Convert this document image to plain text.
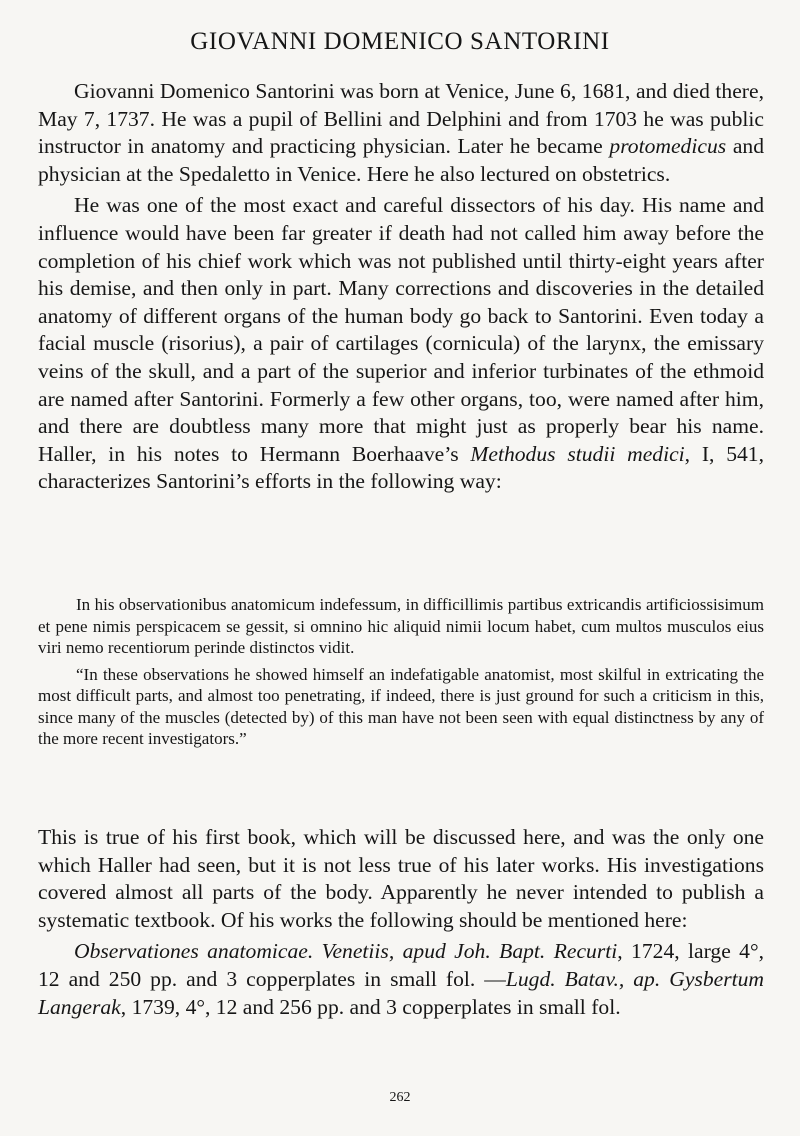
GIOVANNI DOMENICO SANTORINI

Giovanni Domenico Santorini was born at Venice, June 6, 1681, and died there, May 7, 1737. He was a pupil of Bellini and Delphini and from 1703 he was public instructor in anatomy and practicing physician. Later he became protomedicus and physician at the Spedaletto in Venice. Here he also lectured on obstetrics.

He was one of the most exact and careful dissectors of his day. His name and influence would have been far greater if death had not called him away before the completion of his chief work which was not published until thirty-eight years after his demise, and then only in part. Many corrections and discoveries in the detailed anatomy of different organs of the human body go back to Santorini. Even today a facial muscle (risorius), a pair of cartilages (cornicula) of the larynx, the emissary veins of the skull, and a part of the superior and inferior turbinates of the ethmoid are named after Santorini. Formerly a few other organs, too, were named after him, and there are doubtless many more that might just as properly bear his name. Haller, in his notes to Hermann Boerhaave’s Methodus studii medici, I, 541, characterizes Santorini’s efforts in the following way:

In his observationibus anatomicum indefessum, in difficillimis partibus extricandis artificiossisimum et pene nimis perspicacem se gessit, si omnino hic aliquid nimii locum habet, cum multos musculos eius viri nemo recentiorum perinde distinctos vidit.

“In these observations he showed himself an indefatigable anatomist, most skilful in extricating the most difficult parts, and almost too penetrating, if indeed, there is just ground for such a criticism in this, since many of the muscles (detected by) of this man have not been seen with equal distinctness by any of the more recent investigators.”

This is true of his first book, which will be discussed here, and was the only one which Haller had seen, but it is not less true of his later works. His investigations covered almost all parts of the body. Apparently he never intended to publish a systematic textbook. Of his works the following should be mentioned here:

Observationes anatomicae. Venetiis, apud Joh. Bapt. Recurti, 1724, large 4°, 12 and 250 pp. and 3 copperplates in small fol. —Lugd. Batav., ap. Gysbertum Langerak, 1739, 4°, 12 and 256 pp. and 3 copperplates in small fol.

262
